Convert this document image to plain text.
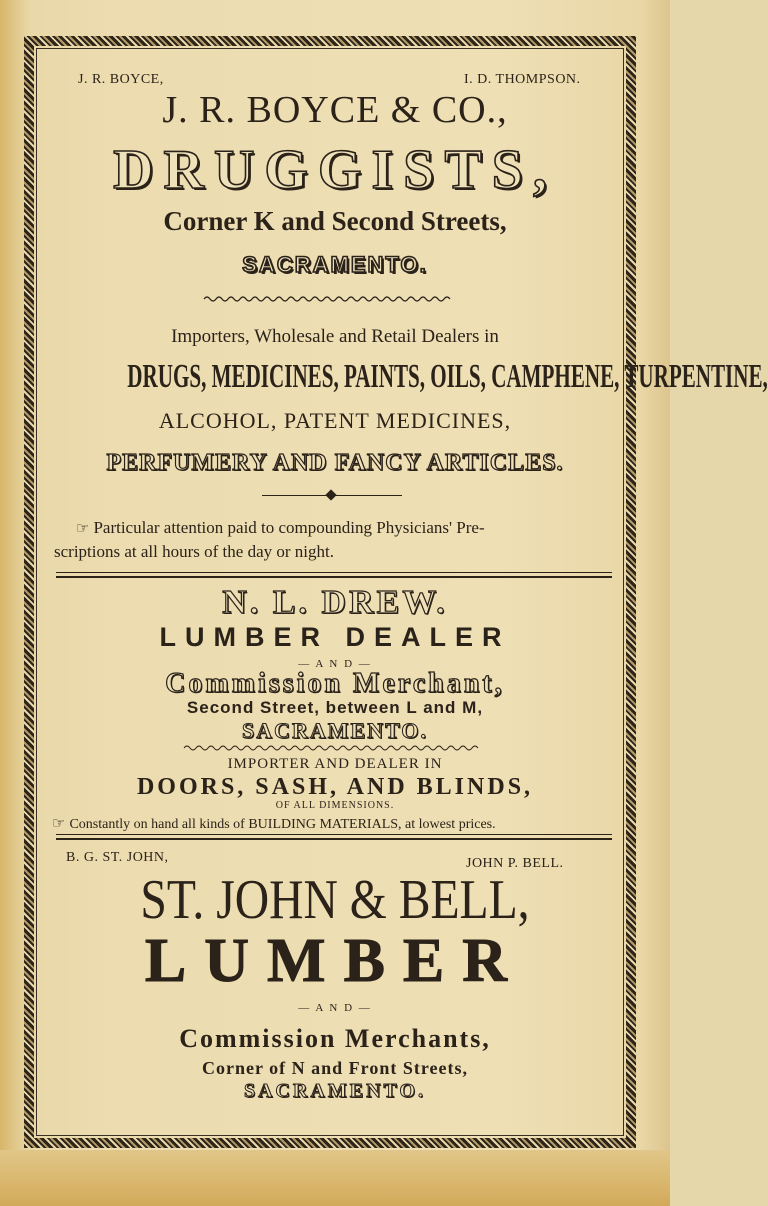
J. R. BOYCE,	I. D. THOMPSON.
J. R. BOYCE & CO.,
DRUGGISTS,
Corner K and Second Streets,
SACRAMENTO.
Importers, Wholesale and Retail Dealers in
DRUGS, MEDICINES, PAINTS, OILS, CAMPHENE, TURPENTINE,
ALCOHOL, PATENT MEDICINES,
PERFUMERY AND FANCY ARTICLES.
☞ Particular attention paid to compounding Physicians' Pre-
scriptions at all hours of the day or night.
N. L. DREW.
LUMBER DEALER
— A N D —
Commission Merchant,
Second Street, between L and M,
SACRAMENTO.
IMPORTER AND DEALER IN
DOORS, SASH, AND BLINDS,
OF ALL DIMENSIONS.
☞ Constantly on hand all kinds of BUILDING MATERIALS, at lowest prices.
B. G. ST. JOHN,	JOHN P. BELL.
ST. JOHN & BELL,
LUMBER
— A N D —
Commission Merchants,
Corner of N and Front Streets,
SACRAMENTO.
